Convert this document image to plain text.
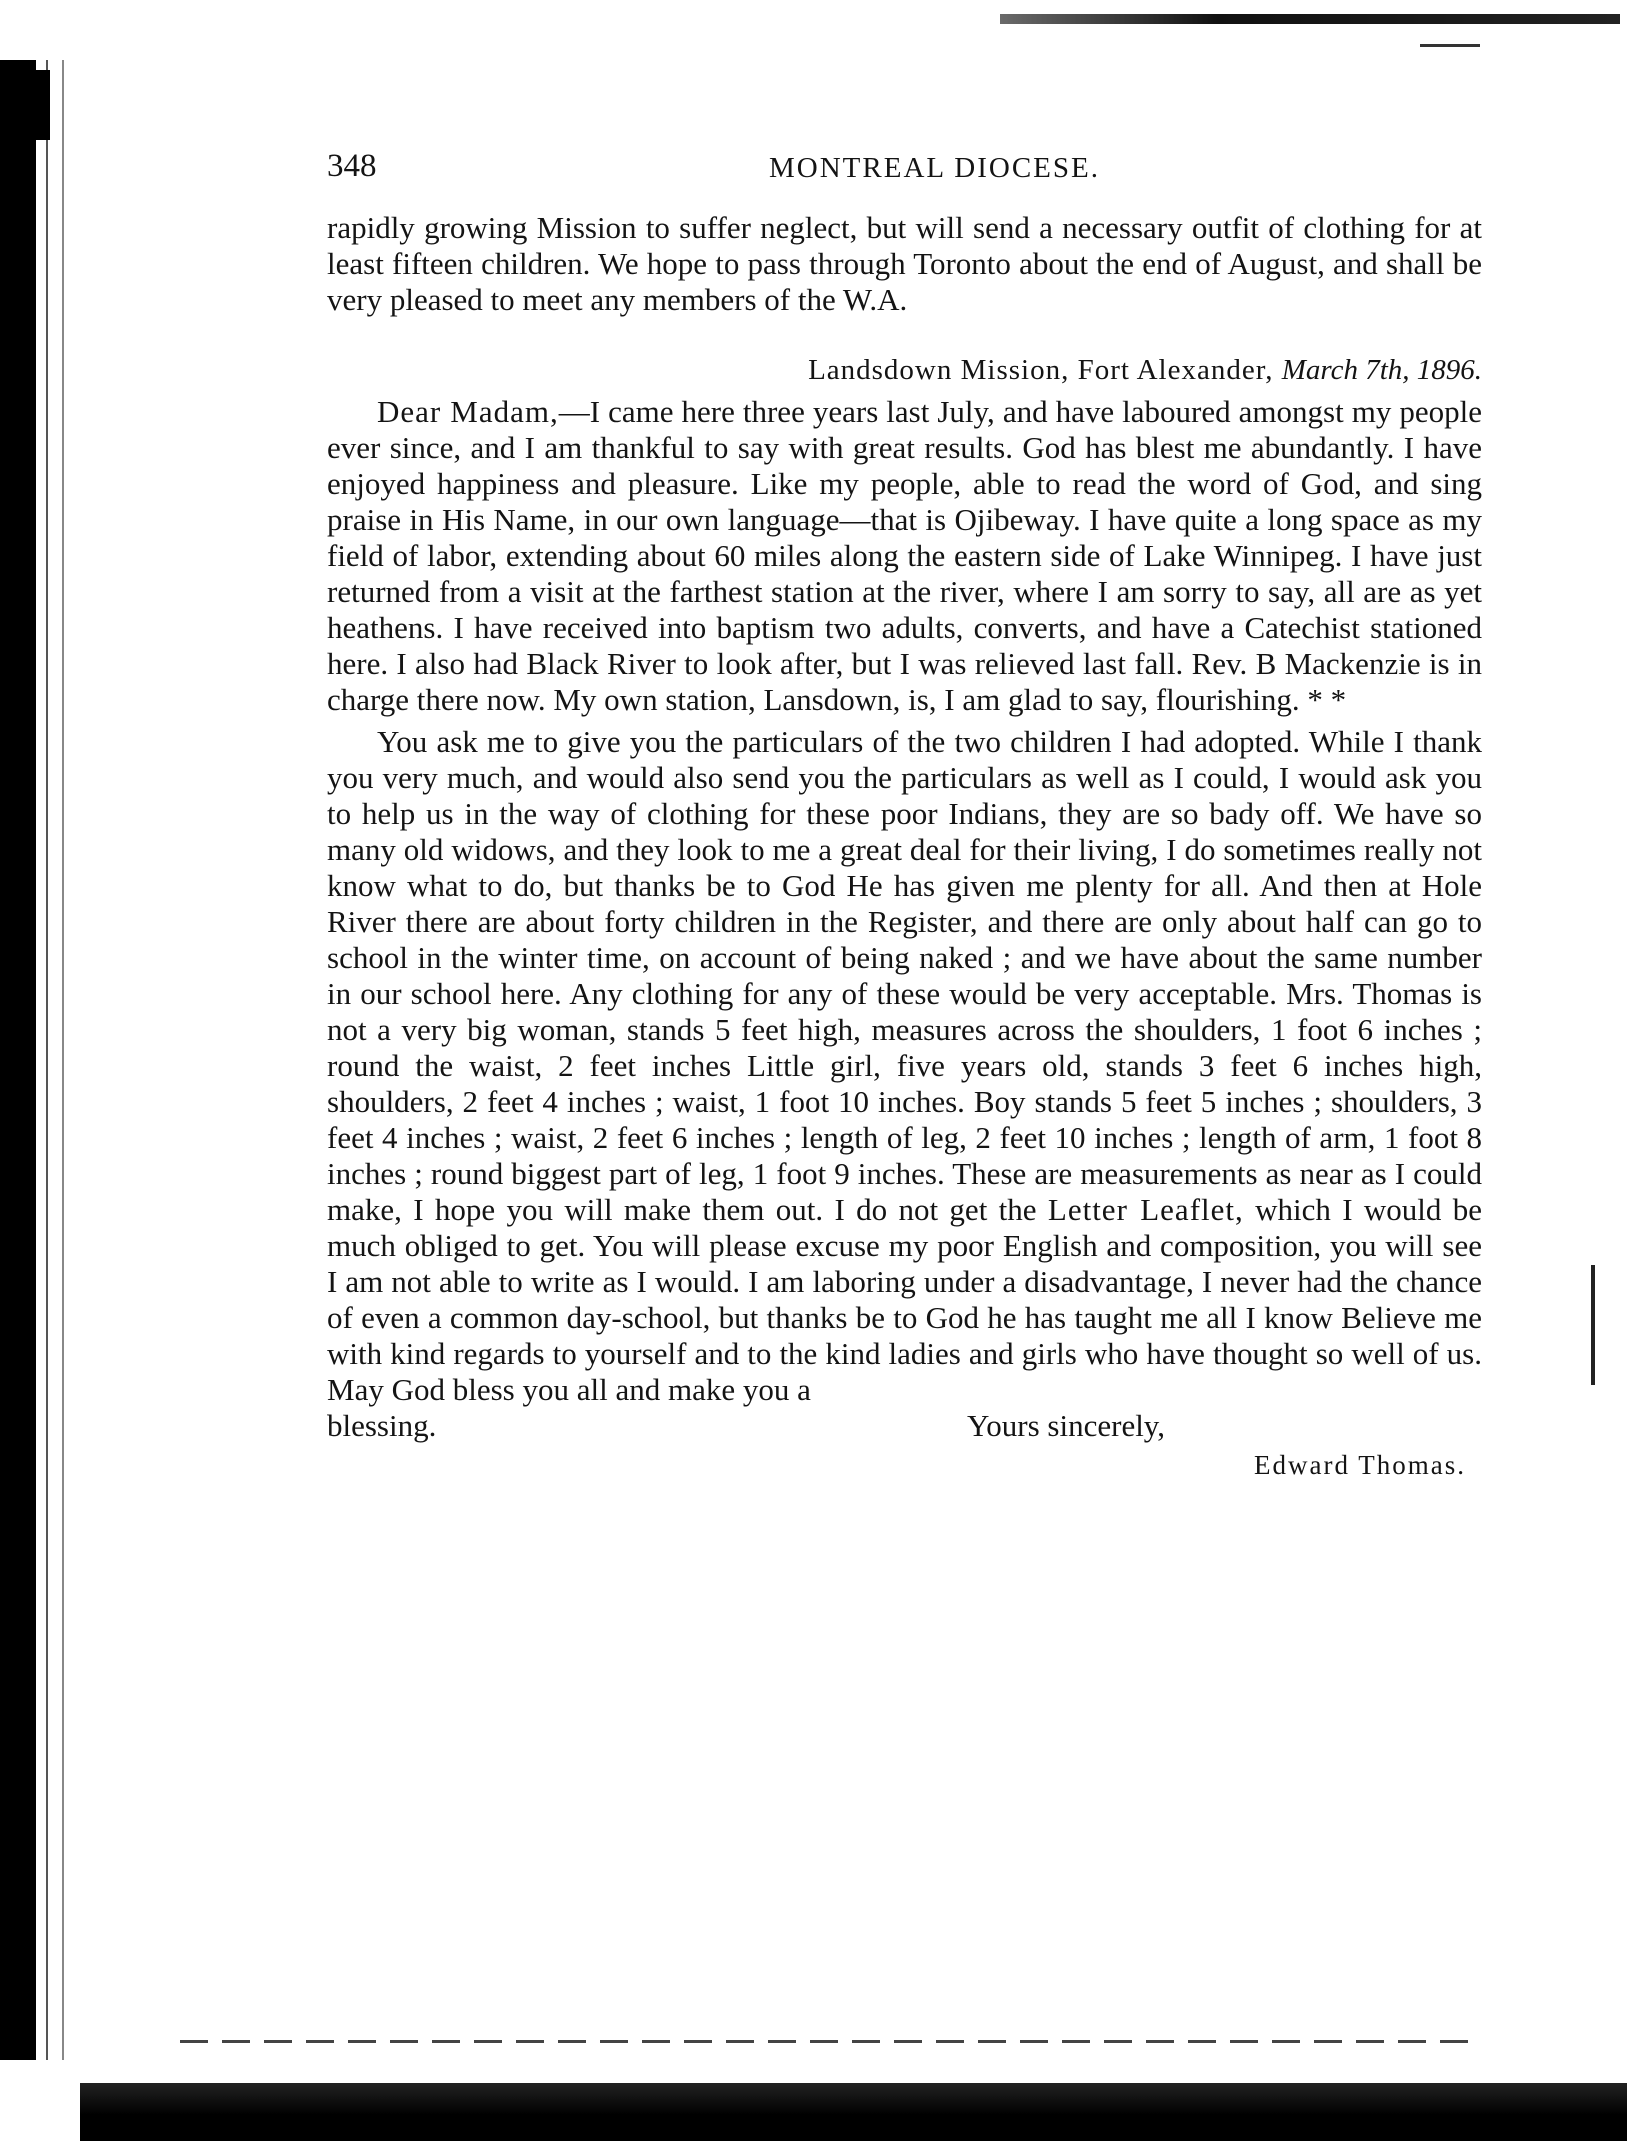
348	MONTREAL DIOCESE.

rapidly growing Mission to suffer neglect, but will send a necessary outfit of clothing for at least fifteen children. We hope to pass through Toronto about the end of August, and shall be very pleased to meet any members of the W.A.

Landsdown Mission, Fort Alexander, March 7th, 1896.

Dear Madam,—I came here three years last July, and have laboured amongst my people ever since, and I am thankful to say with great results. God has blest me abundantly. I have enjoyed happiness and pleasure. Like my people, able to read the word of God, and sing praise in His Name, in our own language—that is Ojibeway. I have quite a long space as my field of labor, extending about 60 miles along the eastern side of Lake Winnipeg. I have just returned from a visit at the farthest station at the river, where I am sorry to say, all are as yet heathens. I have received into baptism two adults, converts, and have a Catechist stationed here. I also had Black River to look after, but I was relieved last fall. Rev. B Mackenzie is in charge there now. My own station, Lansdown, is, I am glad to say, flourishing. * *

You ask me to give you the particulars of the two children I had adopted. While I thank you very much, and would also send you the particulars as well as I could, I would ask you to help us in the way of clothing for these poor Indians, they are so bady off. We have so many old widows, and they look to me a great deal for their living, I do sometimes really not know what to do, but thanks be to God He has given me plenty for all. And then at Hole River there are about forty children in the Register, and there are only about half can go to school in the winter time, on account of being naked ; and we have about the same number in our school here. Any clothing for any of these would be very acceptable. Mrs. Thomas is not a very big woman, stands 5 feet high, measures across the shoulders, 1 foot 6 inches ; round the waist, 2 feet inches Little girl, five years old, stands 3 feet 6 inches high, shoulders, 2 feet 4 inches ; waist, 1 foot 10 inches. Boy stands 5 feet 5 inches ; shoulders, 3 feet 4 inches ; waist, 2 feet 6 inches ; length of leg, 2 feet 10 inches ; length of arm, 1 foot 8 inches ; round biggest part of leg, 1 foot 9 inches. These are measurements as near as I could make, I hope you will make them out. I do not get the Letter Leaflet, which I would be much obliged to get. You will please excuse my poor English and composition, you will see I am not able to write as I would. I am laboring under a disadvantage, I never had the chance of even a common day-school, but thanks be to God he has taught me all I know Believe me with kind regards to yourself and to the kind ladies and girls who have thought so well of us. May God bless you all and make you a

blessing.	Yours sincerely,
Edward Thomas.
